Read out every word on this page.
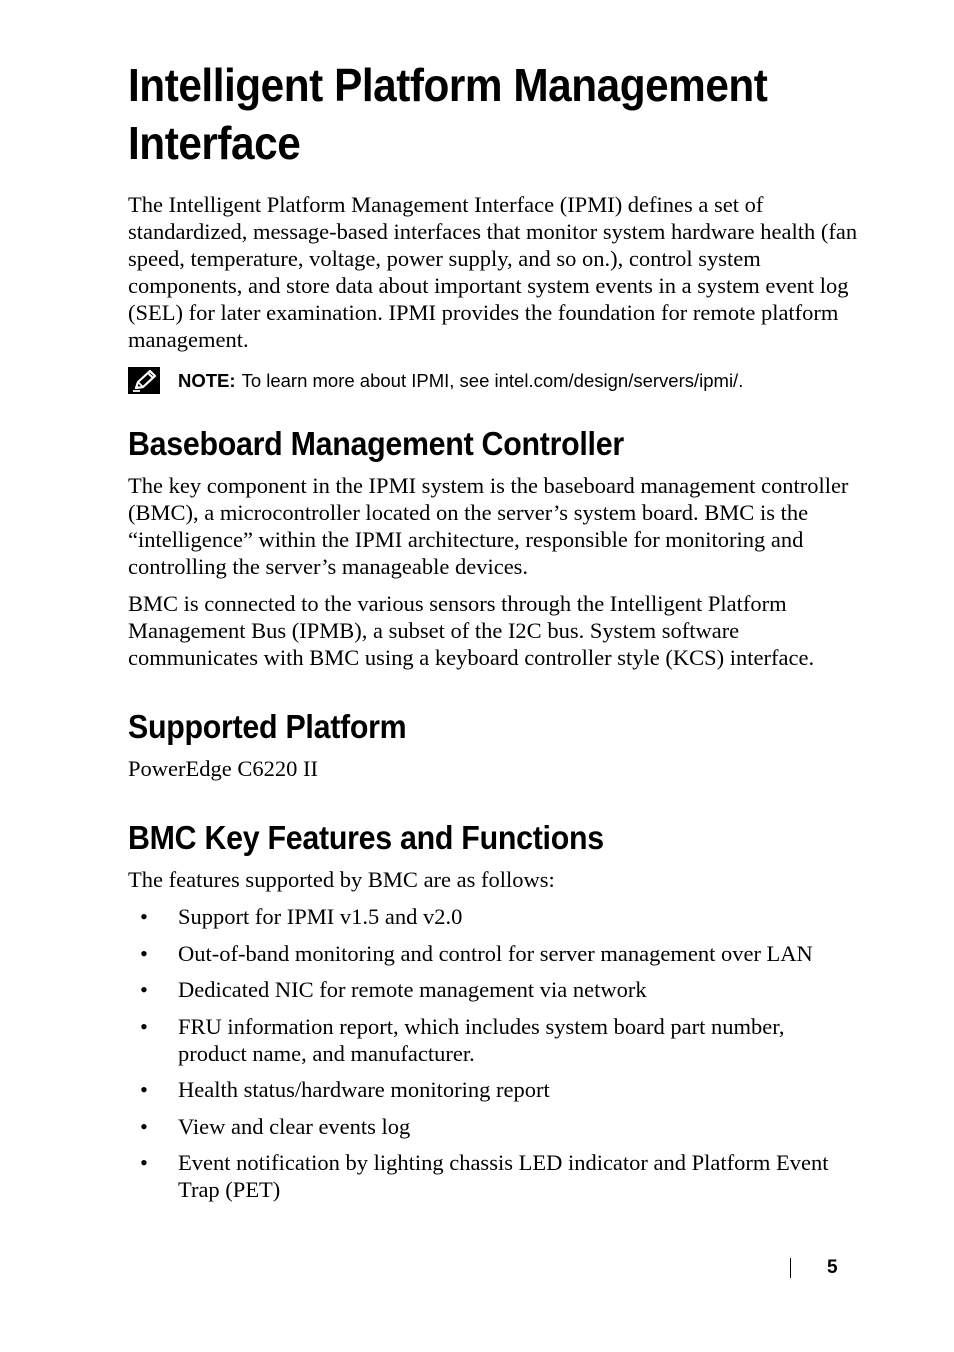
Intelligent Platform Management Interface

The Intelligent Platform Management Interface (IPMI) defines a set of standardized, message-based interfaces that monitor system hardware health (fan speed, temperature, voltage, power supply, and so on.), control system components, and store data about important system events in a system event log (SEL) for later examination. IPMI provides the foundation for remote platform management.

NOTE: To learn more about IPMI, see intel.com/design/servers/ipmi/.
Baseboard Management Controller

The key component in the IPMI system is the baseboard management controller (BMC), a microcontroller located on the server’s system board. BMC is the “intelligence” within the IPMI architecture, responsible for monitoring and controlling the server’s manageable devices.

BMC is connected to the various sensors through the Intelligent Platform Management Bus (IPMB), a subset of the I2C bus. System software communicates with BMC using a keyboard controller style (KCS) interface.

Supported Platform

PowerEdge C6220 II

BMC Key Features and Functions

The features supported by BMC are as follows:

• Support for IPMI v1.5 and v2.0
• Out-of-band monitoring and control for server management over LAN
• Dedicated NIC for remote management via network
• FRU information report, which includes system board part number, product name, and manufacturer.
• Health status/hardware monitoring report
• View and clear events log
• Event notification by lighting chassis LED indicator and Platform Event Trap (PET)
5
